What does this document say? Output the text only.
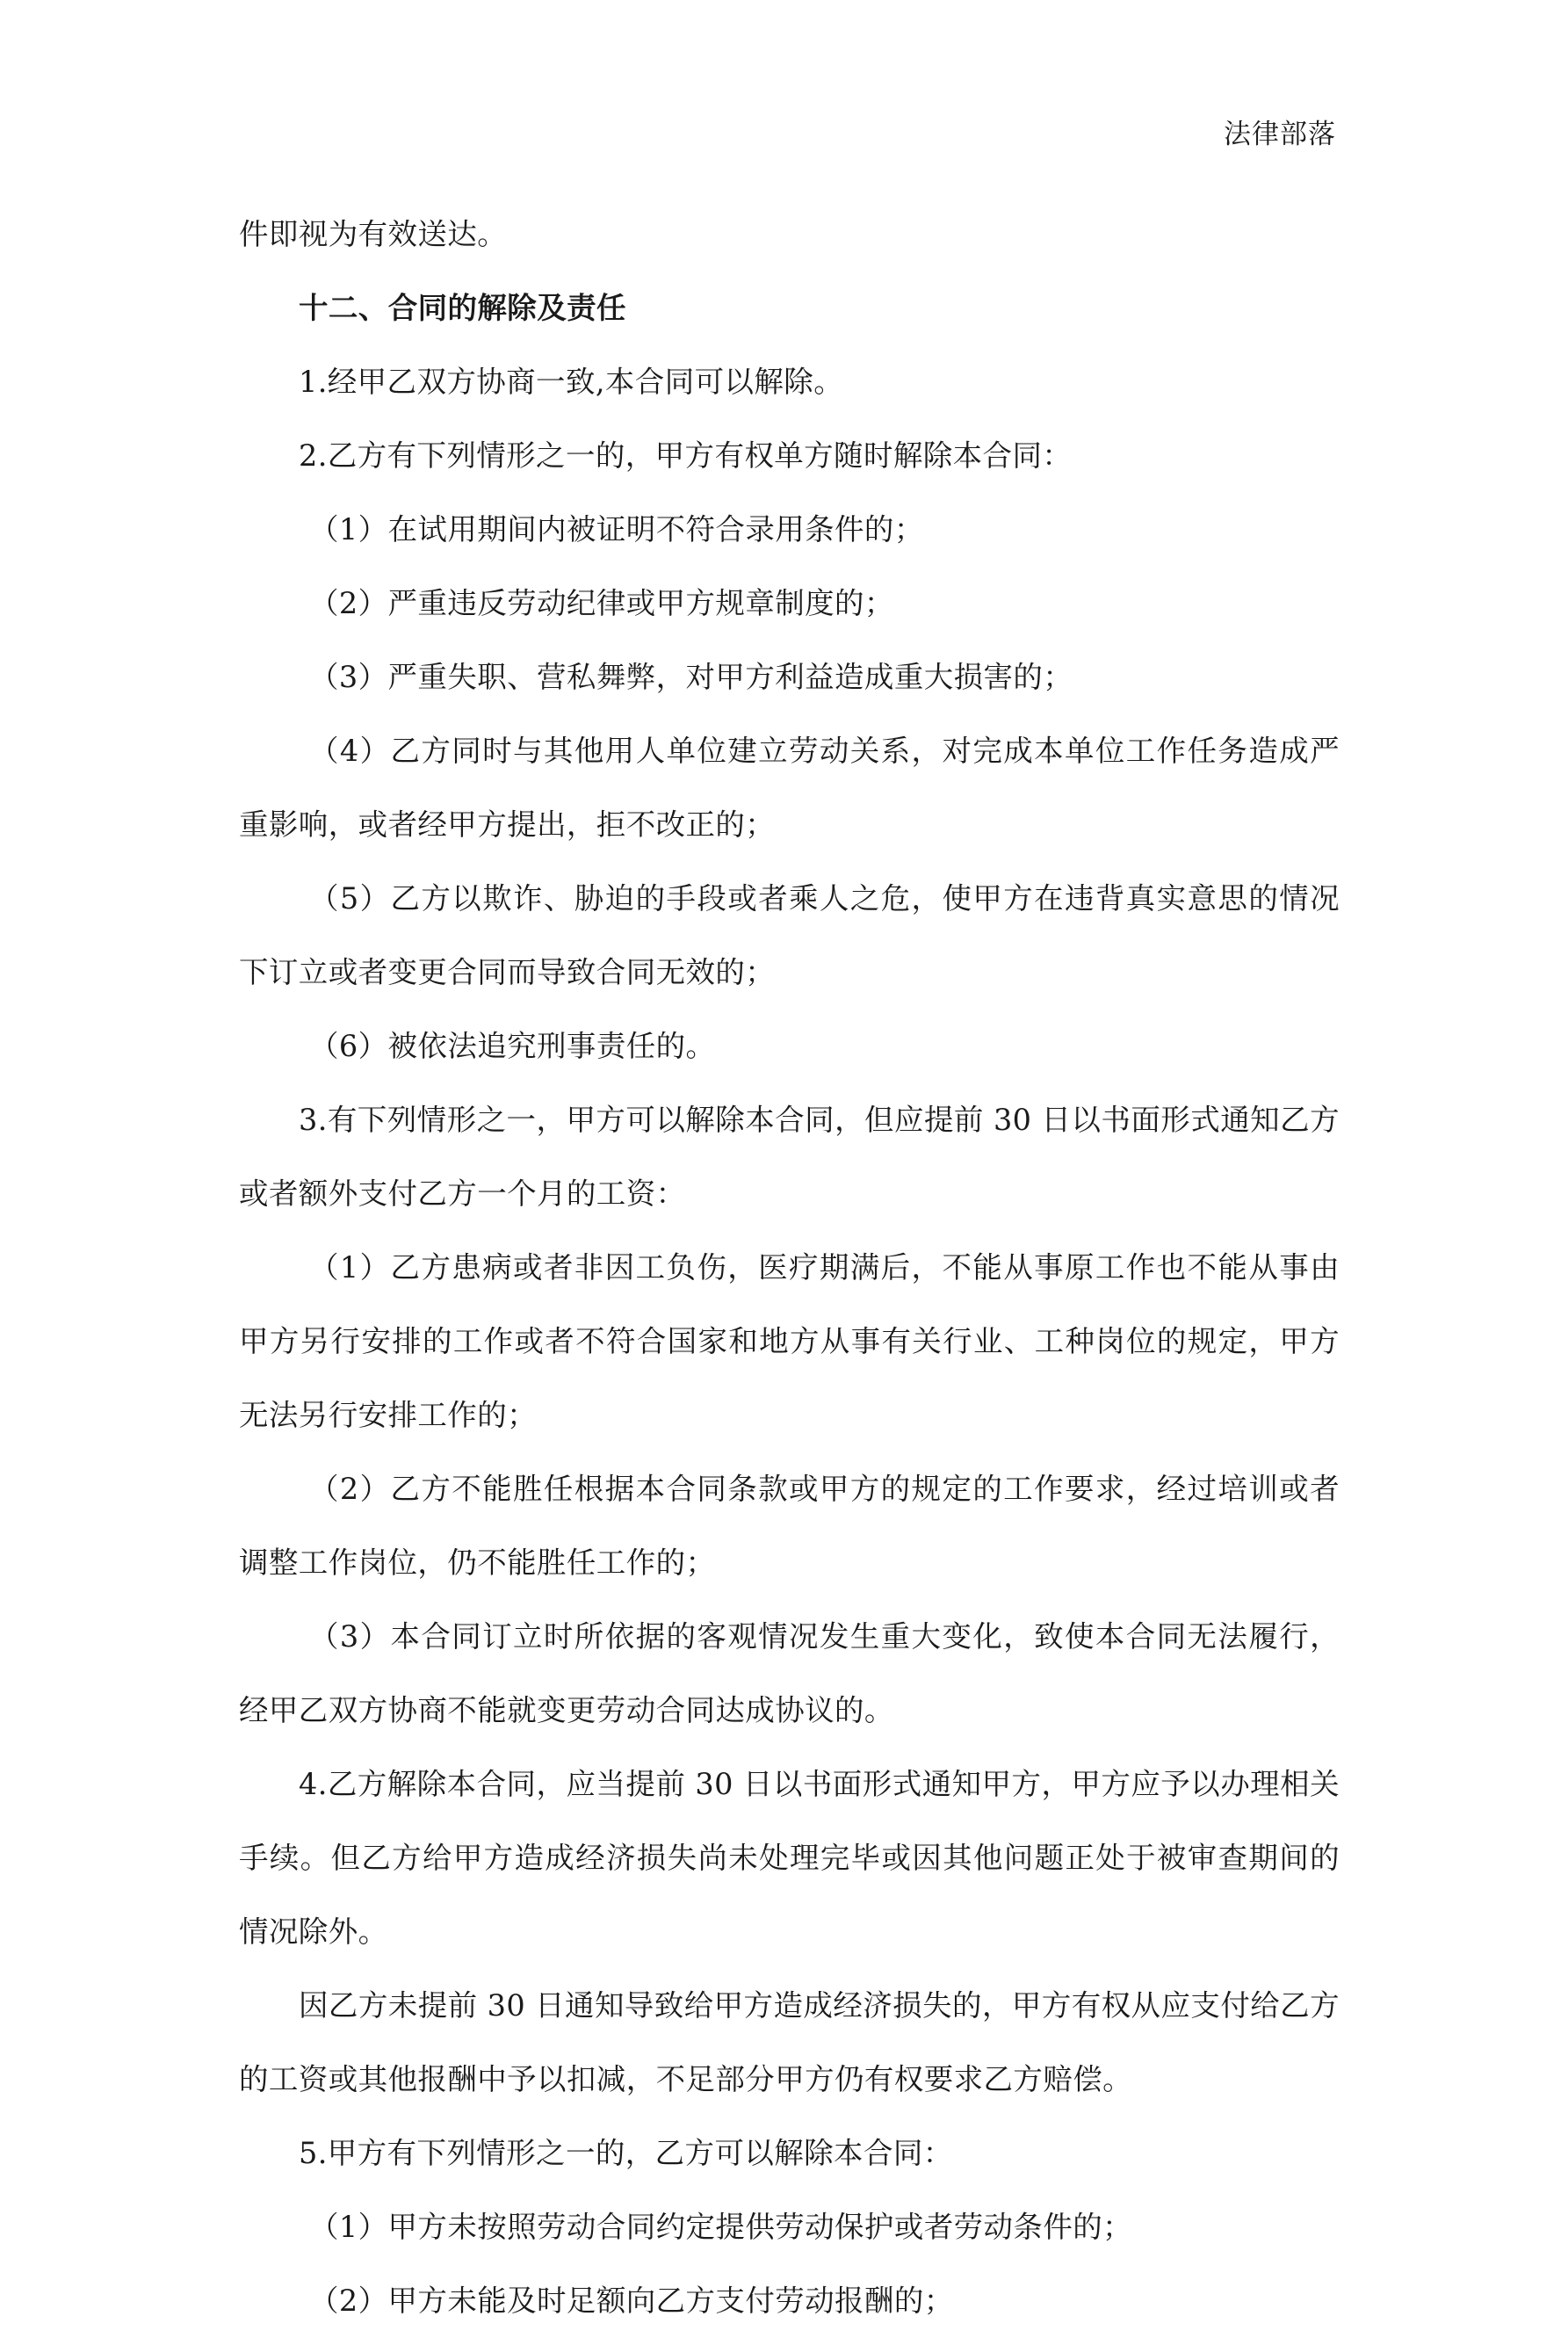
法律部落

件即视为有效送达。

十二、合同的解除及责任

1.经甲乙双方协商一致,本合同可以解除。

2.乙方有下列情形之一的，甲方有权单方随时解除本合同：

（1）在试用期间内被证明不符合录用条件的；

（2）严重违反劳动纪律或甲方规章制度的；

（3）严重失职、营私舞弊，对甲方利益造成重大损害的；

（4）乙方同时与其他用人单位建立劳动关系，对完成本单位工作任务造成严重影响，或者经甲方提出，拒不改正的；

（5）乙方以欺诈、胁迫的手段或者乘人之危，使甲方在违背真实意思的情况下订立或者变更合同而导致合同无效的；

（6）被依法追究刑事责任的。

3.有下列情形之一，甲方可以解除本合同，但应提前 30 日以书面形式通知乙方或者额外支付乙方一个月的工资：

（1）乙方患病或者非因工负伤，医疗期满后，不能从事原工作也不能从事由甲方另行安排的工作或者不符合国家和地方从事有关行业、工种岗位的规定，甲方无法另行安排工作的；

（2）乙方不能胜任根据本合同条款或甲方的规定的工作要求，经过培训或者调整工作岗位，仍不能胜任工作的；

（3）本合同订立时所依据的客观情况发生重大变化，致使本合同无法履行，经甲乙双方协商不能就变更劳动合同达成协议的。

4.乙方解除本合同，应当提前 30 日以书面形式通知甲方，甲方应予以办理相关手续。但乙方给甲方造成经济损失尚未处理完毕或因其他问题正处于被审查期间的情况除外。

因乙方未提前 30 日通知导致给甲方造成经济损失的，甲方有权从应支付给乙方的工资或其他报酬中予以扣减，不足部分甲方仍有权要求乙方赔偿。

5.甲方有下列情形之一的，乙方可以解除本合同：

（1）甲方未按照劳动合同约定提供劳动保护或者劳动条件的；

（2）甲方未能及时足额向乙方支付劳动报酬的；
